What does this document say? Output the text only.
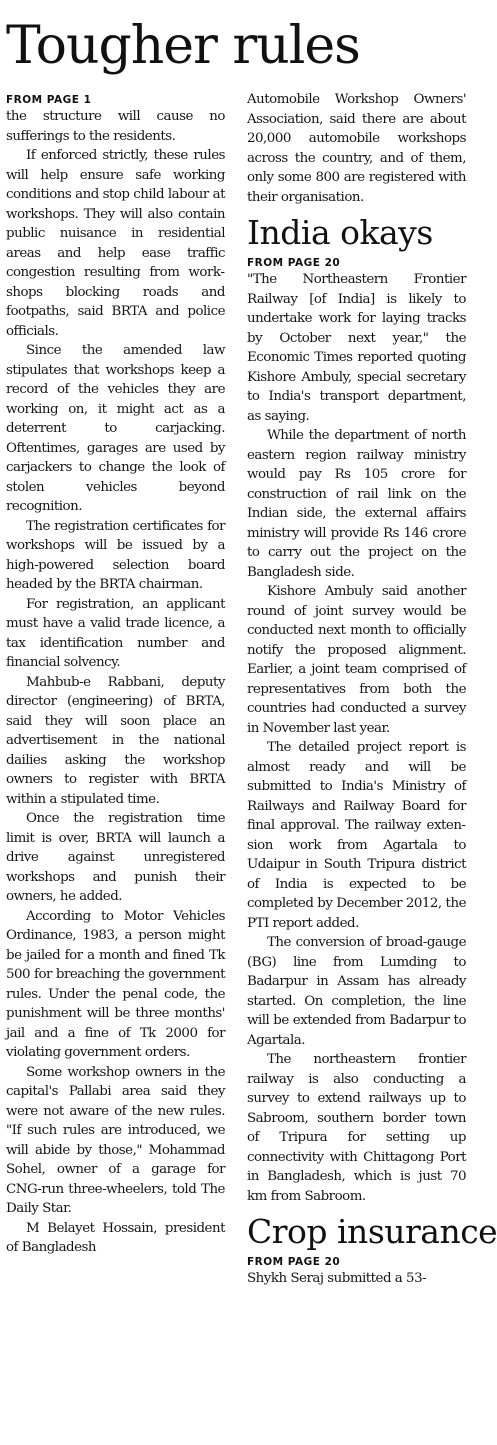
Tougher rules
FROM PAGE 1

the structure will cause no sufferings to the residents.

If enforced strictly, these rules will help ensure safe working conditions and stop child labour at workshops. They will also contain public nuisance in residential areas and help ease traffic congestion resulting from workshops blocking roads and footpaths, said BRTA and police officials.

Since the amended law stipulates that workshops keep a record of the vehicles they are working on, it might act as a deterrent to carjacking. Oftentimes, garages are used by carjackers to change the look of stolen vehicles beyond recognition.

The registration certificates for workshops will be issued by a high-powered selection board headed by the BRTA chairman.

For registration, an applicant must have a valid trade licence, a tax identification number and financial solvency.

Mahbub-e Rabbani, deputy director (engineering) of BRTA, said they will soon place an advertisement in the national dailies asking the workshop owners to register with BRTA within a stipulated time.

Once the registration time limit is over, BRTA will launch a drive against unregistered workshops and punish their owners, he added.

According to Motor Vehicles Ordinance, 1983, a person might be jailed for a month and fined Tk 500 for breaching the government rules. Under the penal code, the punishment will be three months' jail and a fine of Tk 2000 for violating government orders.

Some workshop owners in the capital's Pallabi area said they were not aware of the new rules. "If such rules are introduced, we will abide by those," Mohammad Sohel, owner of a garage for CNG-run three-wheelers, told The Daily Star.

M Belayet Hossain, president of Bangladesh

Automobile Workshop Owners' Association, said there are about 20,000 automobile workshops across the country, and of them, only some 800 are registered with their organisation.

India okays
FROM PAGE 20

"The Northeastern Frontier Railway [of India] is likely to undertake work for laying tracks by October next year," the Economic Times reported quoting Kishore Ambuly, special secretary to India's transport department, as saying.

While the department of north eastern region railway ministry would pay Rs 105 crore for construction of rail link on the Indian side, the external affairs ministry will provide Rs 146 crore to carry out the project on the Bangladesh side.

Kishore Ambuly said another round of joint survey would be conducted next month to officially notify the proposed alignment. Earlier, a joint team comprised of representatives from both the countries had conducted a survey in November last year.

The detailed project report is almost ready and will be submitted to India's Ministry of Railways and Railway Board for final approval. The railway extension work from Agartala to Udaipur in South Tripura district of India is expected to be completed by December 2012, the PTI report added.

The conversion of broad-gauge (BG) line from Lumding to Badarpur in Assam has already started. On completion, the line will be extended from Badarpur to Agartala.

The northeastern frontier railway is also conducting a survey to extend railways up to Sabroom, southern border town of Tripura for setting up connectivity with Chittagong Port in Bangladesh, which is just 70 km from Sabroom.

Crop insurance
FROM PAGE 20

Shykh Seraj submitted a 53-
